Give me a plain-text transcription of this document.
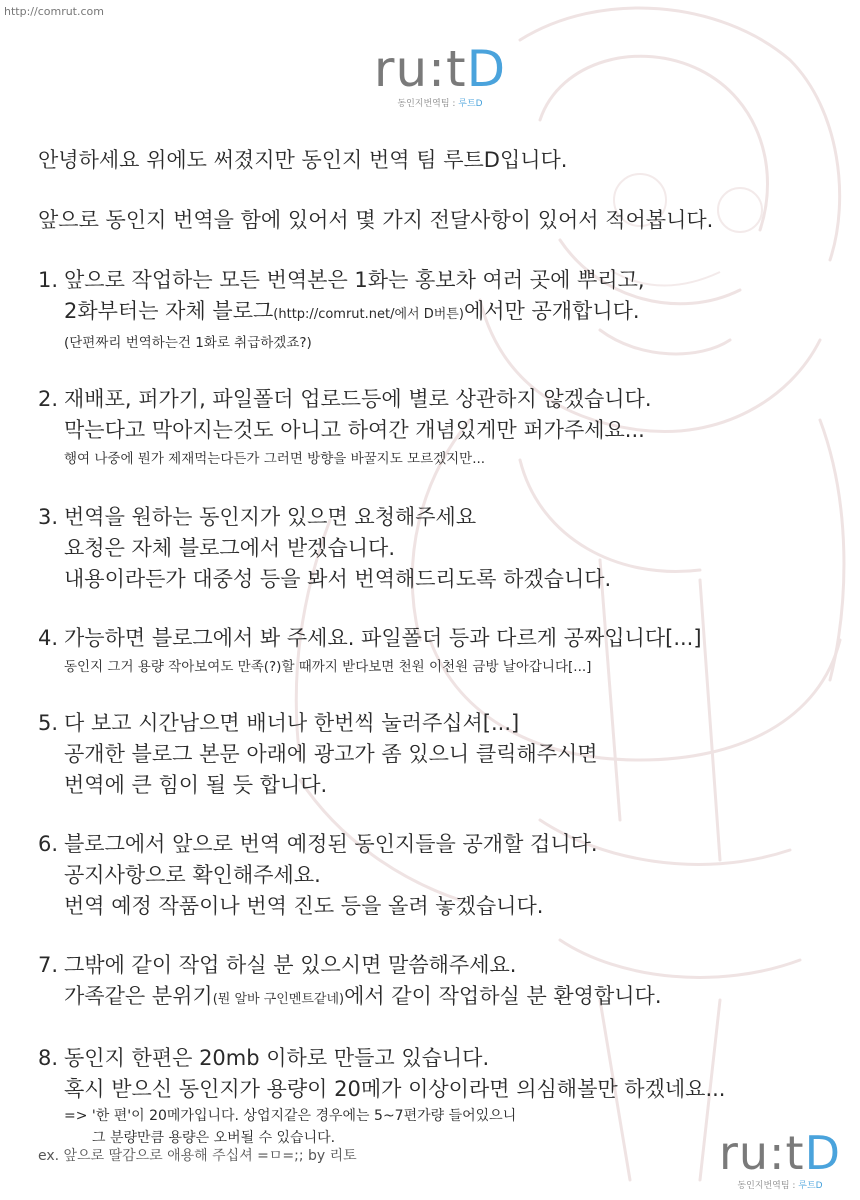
http://comrut.com
ru:tD
동인지번역팀 : 루트D

안녕하세요 위에도 써졌지만 동인지 번역 팀 루트D입니다.

앞으로 동인지 번역을 함에 있어서 몇 가지 전달사항이 있어서 적어봅니다.

1. 앞으로 작업하는 모든 번역본은 1화는 홍보차 여러 곳에 뿌리고,
2화부터는 자체 블로그(http://comrut.net/에서 D버튼)에서만 공개합니다.
(단편짜리 번역하는건 1화로 취급하겠죠?)
2. 재배포, 퍼가기, 파일폴더 업로드등에 별로 상관하지 않겠습니다.
막는다고 막아지는것도 아니고 하여간 개념있게만 퍼가주세요...
행여 나중에 뭔가 제재먹는다든가 그러면 방향을 바꿀지도 모르겠지만...
3. 번역을 원하는 동인지가 있으면 요청해주세요
요청은 자체 블로그에서 받겠습니다.
내용이라든가 대중성 등을 봐서 번역해드리도록 하겠습니다.
4. 가능하면 블로그에서 봐 주세요. 파일폴더 등과 다르게 공짜입니다[...]
동인지 그거 용량 작아보여도 만족(?)할 때까지 받다보면 천원 이천원 금방 날아갑니다[...]
5. 다 보고 시간남으면 배너나 한번씩 눌러주십셔[...]
공개한 블로그 본문 아래에 광고가 좀 있으니 클릭해주시면
번역에 큰 힘이 될 듯 합니다.
6. 블로그에서 앞으로 번역 예정된 동인지들을 공개할 겁니다.
공지사항으로 확인해주세요.
번역 예정 작품이나 번역 진도 등을 올려 놓겠습니다.
7. 그밖에 같이 작업 하실 분 있으시면 말씀해주세요.
가족같은 분위기(뭔 알바 구인멘트같네)에서 같이 작업하실 분 환영합니다.
8. 동인지 한편은 20mb 이하로 만들고 있습니다.
혹시 받으신 동인지가 용량이 20메가 이상이라면 의심해볼만 하겠네요...
=> '한 편'이 20메가입니다. 상업지같은 경우에는 5~7편가량 들어있으니
그 분량만큼 용량은 오버될 수 있습니다.
ex. 앞으로 딸감으로 애용해 주십셔 =ㅁ=;; by 리토	ru:tD
동인지번역팀 : 루트D
